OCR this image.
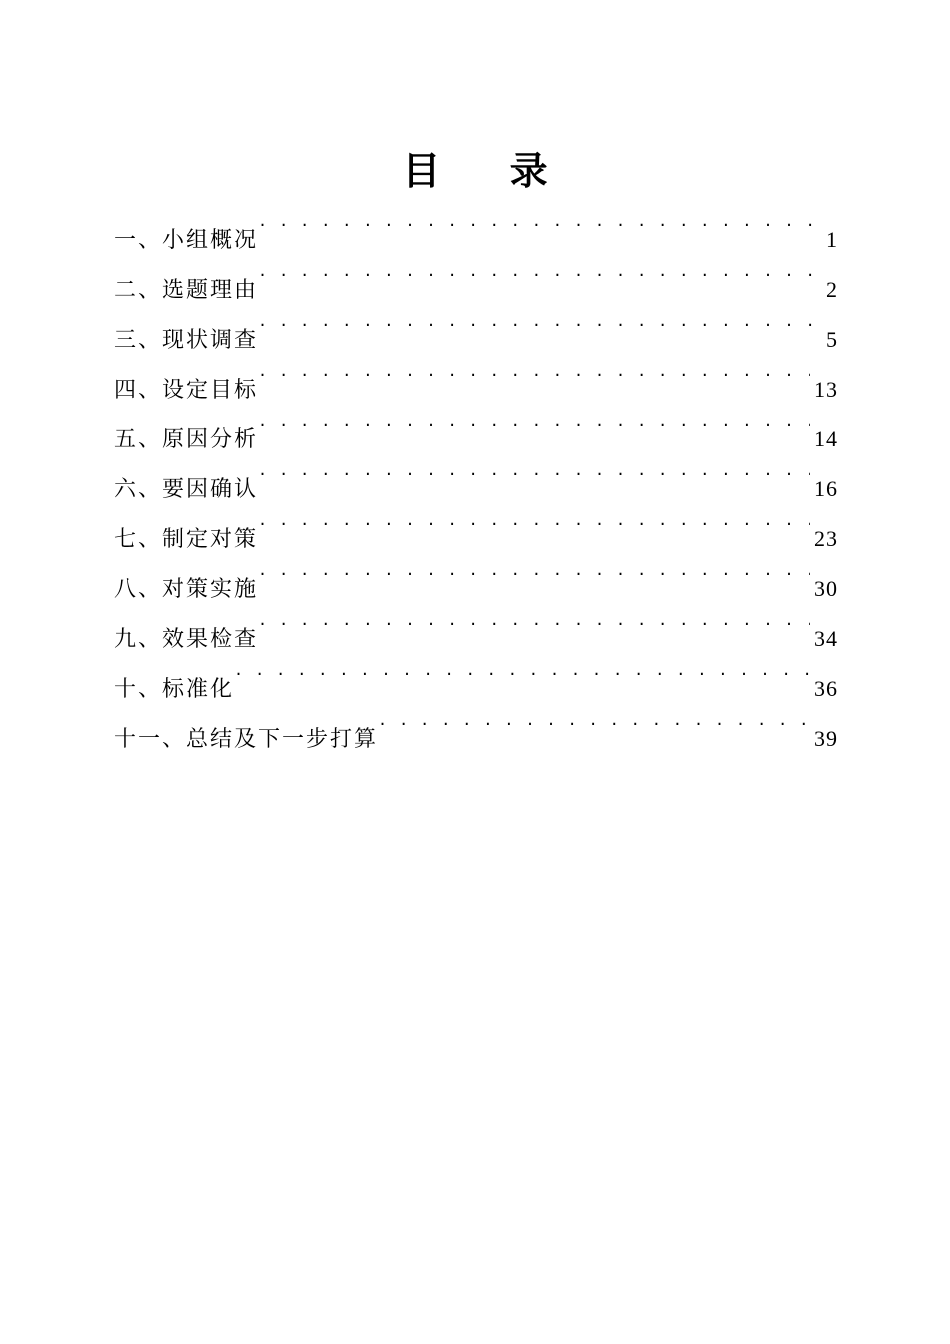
目 录
一、小组概况 . . .	1
二、选题理由 . . .	2
三、现状调查 . . .	5
四、设定目标 . . .	13
五、原因分析 . . .	14
六、要因确认 . . .	16
七、制定对策 . . .	23
八、对策实施 . . .	30
九、效果检查 . . .	34
十、标准化 . . .	36
十一、总结及下一步打算 . . .	39
